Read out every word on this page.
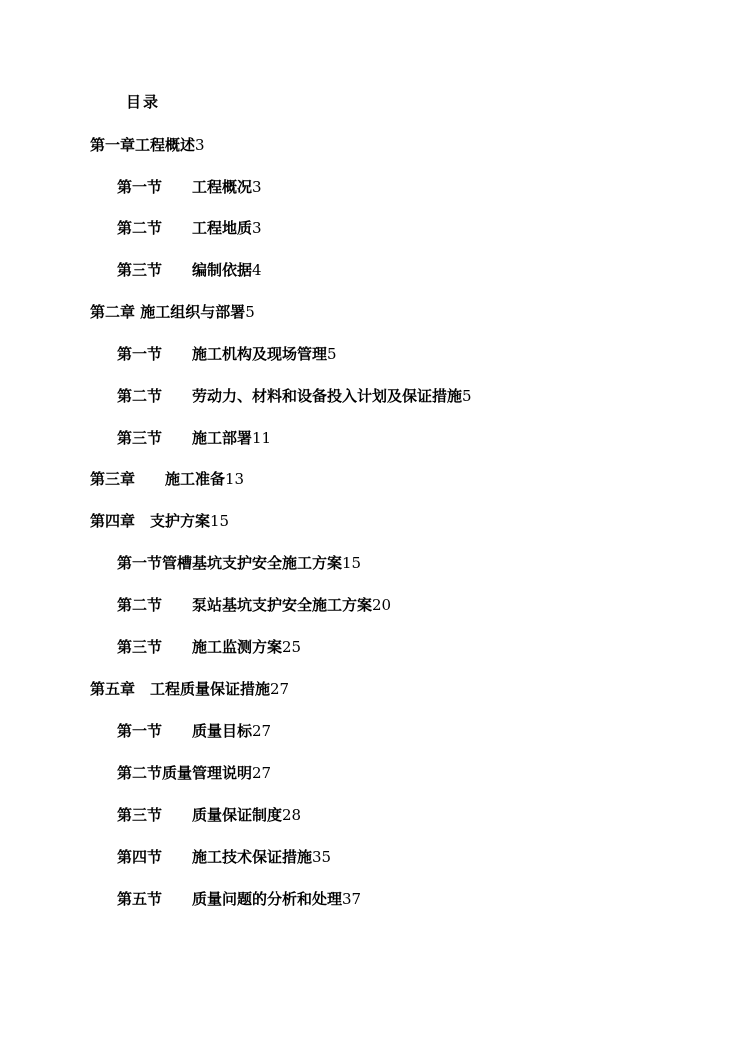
目录
第一章工程概述3
第一节　　工程概况3
第二节　　工程地质3
第三节　　编制依据4
第二章 施工组织与部署5
第一节　　施工机构及现场管理5
第二节　　劳动力、材料和设备投入计划及保证措施5
第三节　　施工部署11
第三章　　施工准备13
第四章　支护方案15
第一节管槽基坑支护安全施工方案15
第二节　　泵站基坑支护安全施工方案20
第三节　　施工监测方案25
第五章　工程质量保证措施27
第一节　　质量目标27
第二节质量管理说明27
第三节　　质量保证制度28
第四节　　施工技术保证措施35
第五节　　质量问题的分析和处理37
